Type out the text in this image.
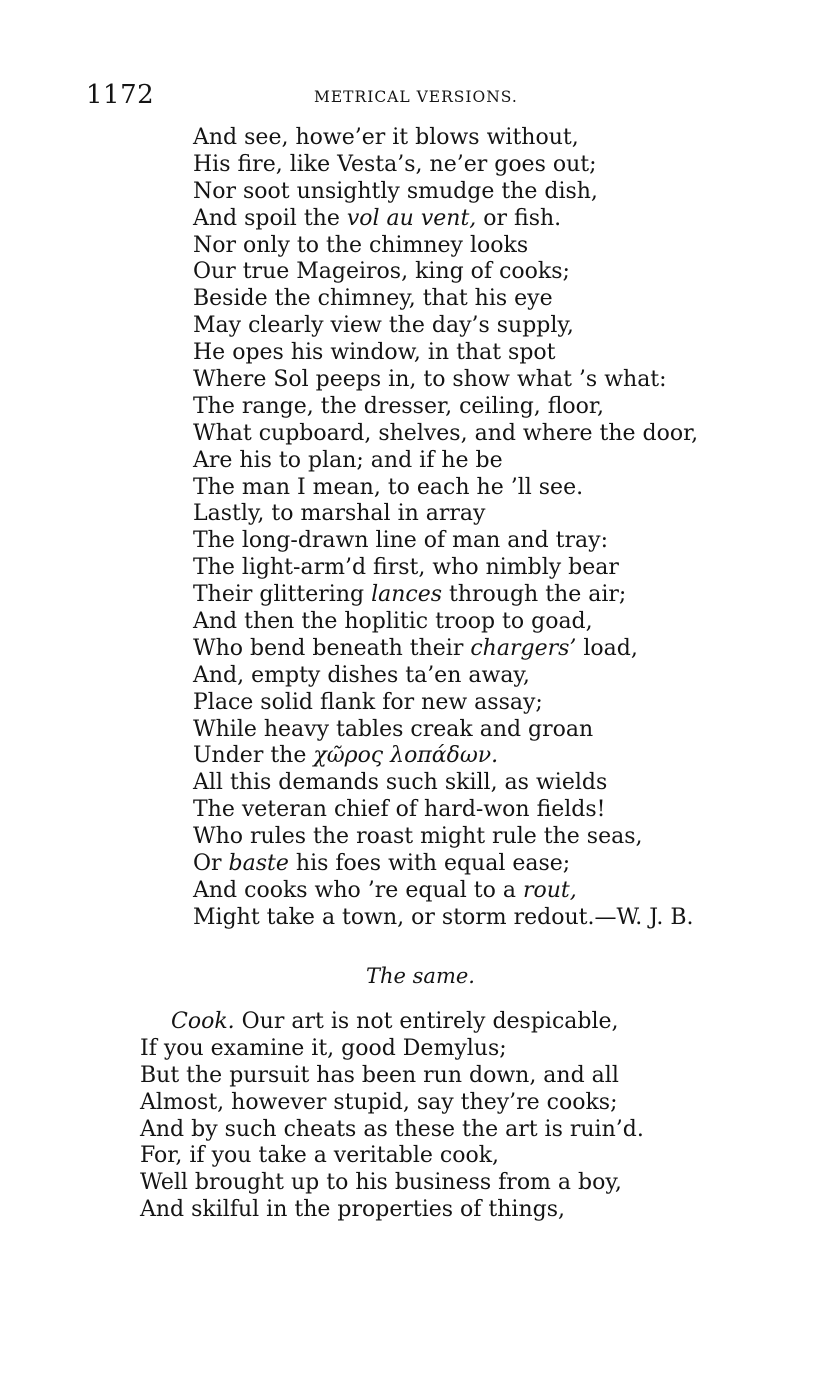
1172	METRICAL VERSIONS.
And see, howe’er it blows without,
His fire, like Vesta’s, ne’er goes out;
Nor soot unsightly smudge the dish,
And spoil the vol au vent, or fish.
Nor only to the chimney looks
Our true Mageiros, king of cooks;
Beside the chimney, that his eye
May clearly view the day’s supply,
He opes his window, in that spot
Where Sol peeps in, to show what ’s what:
The range, the dresser, ceiling, floor,
What cupboard, shelves, and where the door,
Are his to plan; and if he be
The man I mean, to each he ’ll see.
Lastly, to marshal in array
The long-drawn line of man and tray:
The light-arm’d first, who nimbly bear
Their glittering lances through the air;
And then the hoplitic troop to goad,
Who bend beneath their chargers’ load,
And, empty dishes ta’en away,
Place solid flank for new assay;
While heavy tables creak and groan
Under the χῶρος λοπάδων.
All this demands such skill, as wields
The veteran chief of hard-won fields!
Who rules the roast might rule the seas,
Or baste his foes with equal ease;
And cooks who ’re equal to a rout,
Might take a town, or storm redout.—W. J. B.
The same.
Cook. Our art is not entirely despicable,
If you examine it, good Demylus;
But the pursuit has been run down, and all
Almost, however stupid, say they’re cooks;
And by such cheats as these the art is ruin’d.
For, if you take a veritable cook,
Well brought up to his business from a boy,
And skilful in the properties of things,
